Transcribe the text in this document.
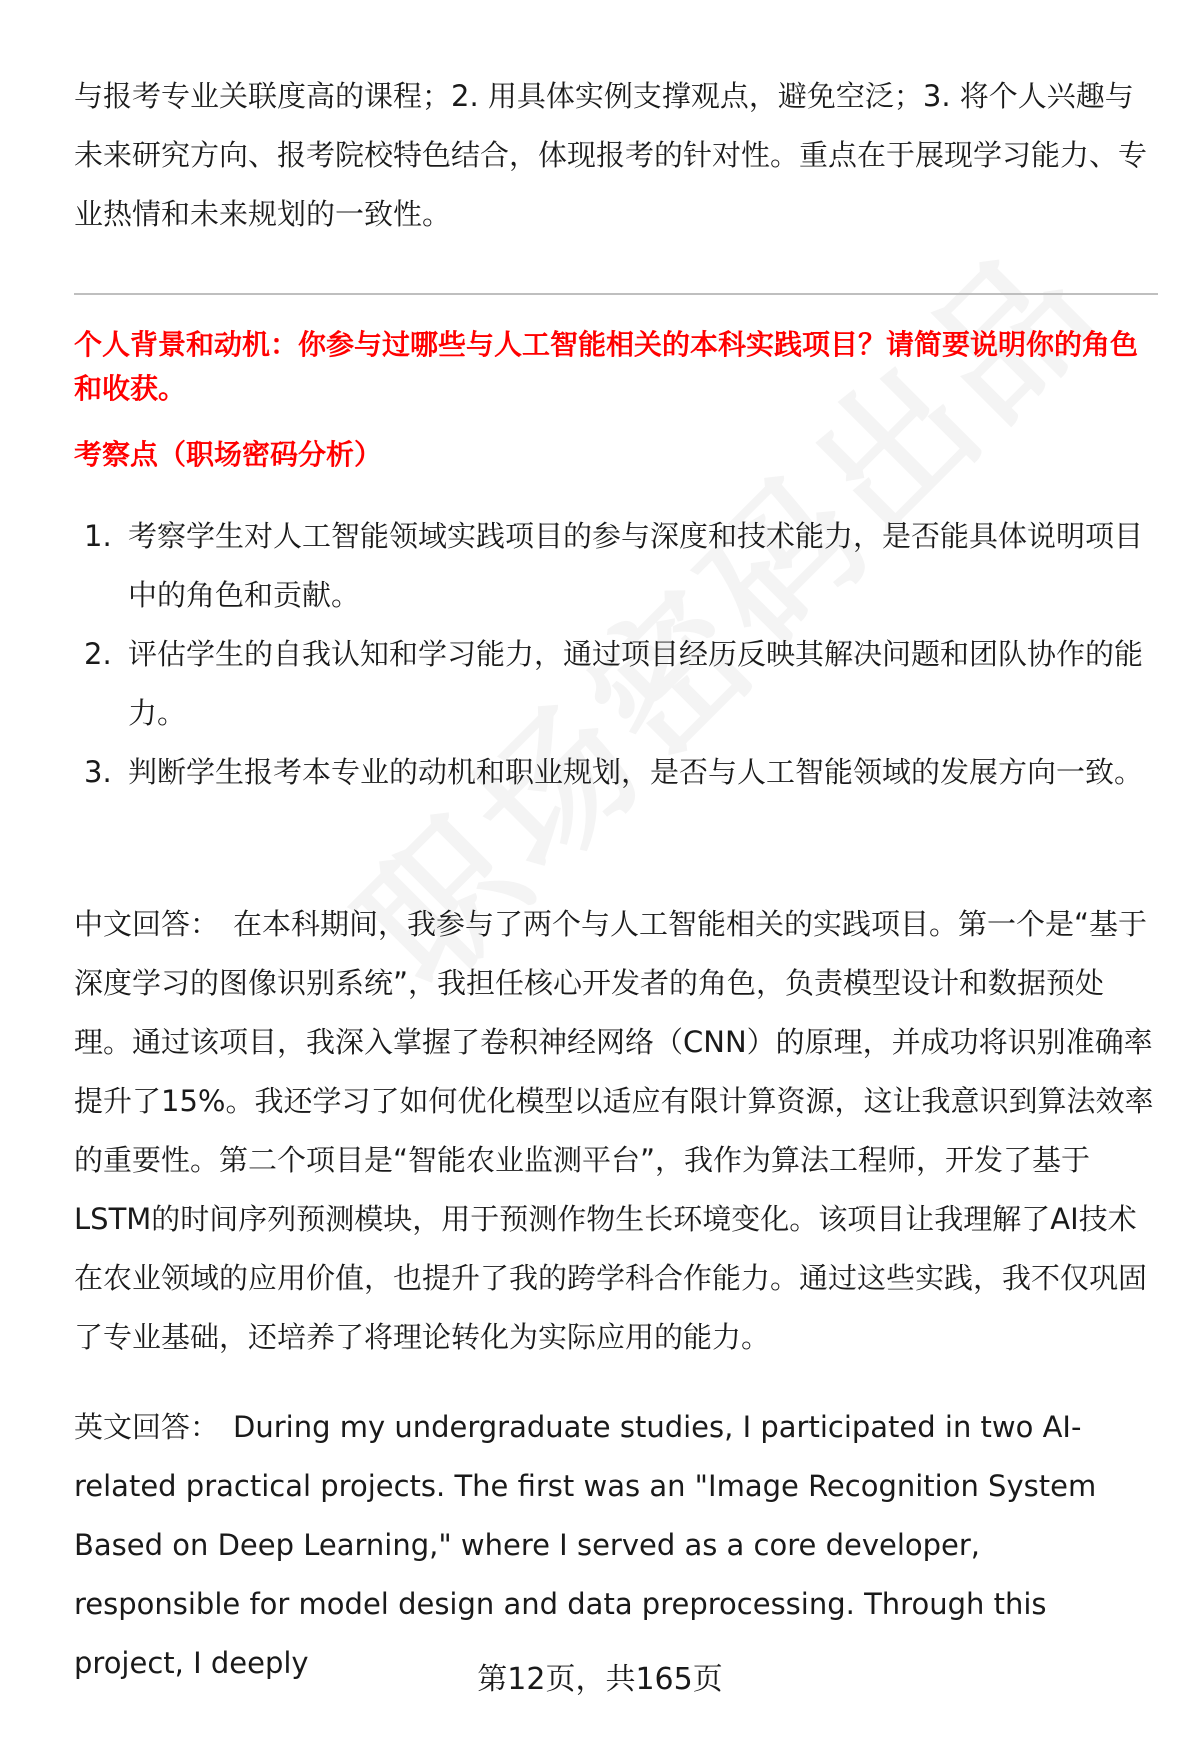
与报考专业关联度高的课程；2. 用具体实例支撑观点，避免空泛；3. 将个人兴趣与未来研究方向、报考院校特色结合，体现报考的针对性。重点在于展现学习能力、专业热情和未来规划的一致性。

个人背景和动机：你参与过哪些与人工智能相关的本科实践项目？请简要说明你的角色和收获。

考察点（职场密码分析）

1. 考察学生对人工智能领域实践项目的参与深度和技术能力，是否能具体说明项目中的角色和贡献。
2. 评估学生的自我认知和学习能力，通过项目经历反映其解决问题和团队协作的能力。
3. 判断学生报考本专业的动机和职业规划，是否与人工智能领域的发展方向一致。

中文回答： 在本科期间，我参与了两个与人工智能相关的实践项目。第一个是“基于深度学习的图像识别系统”，我担任核心开发者的角色，负责模型设计和数据预处理。通过该项目，我深入掌握了卷积神经网络（CNN）的原理，并成功将识别准确率提升了15%。我还学习了如何优化模型以适应有限计算资源，这让我意识到算法效率的重要性。第二个项目是“智能农业监测平台”，我作为算法工程师，开发了基于LSTM的时间序列预测模块，用于预测作物生长环境变化。该项目让我理解了AI技术在农业领域的应用价值，也提升了我的跨学科合作能力。通过这些实践，我不仅巩固了专业基础，还培养了将理论转化为实际应用的能力。

英文回答： During my undergraduate studies, I participated in two AI-related practical projects. The first was an "Image Recognition System Based on Deep Learning," where I served as a core developer, responsible for model design and data preprocessing. Through this project, I deeply	第12页，共165页
